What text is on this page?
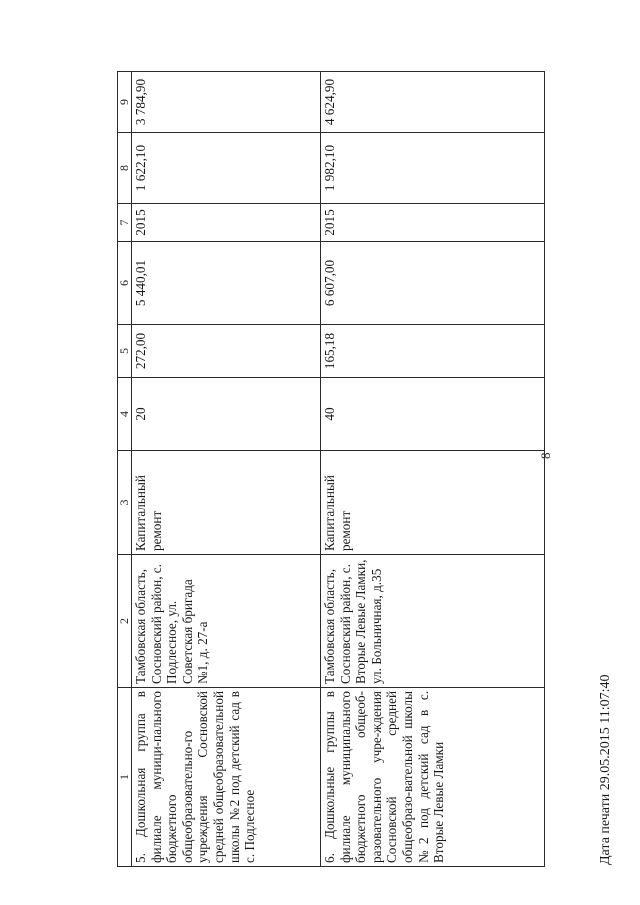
8
1	2	3	4	5	6	7	8	9
5. Дошкольная группа в филиале муници-пального бюджетного общеобразовательно-го учреждения Сосновской средней общеобразовательной школы №2 под детский сад в с. Подлесное	Тамбовская область, Сосновский район, с. Подлесное, ул. Советская бригада №1, д. 27-а	Капитальный ремонт	20	272,00	5 440,01	2015	1 622,10	3 784,90
6. Дошкольные группы в филиале муниципального бюджетного общеоб-разовательного учре-ждения Сосновской средней общеобразо-вательной школы №2 под детский сад в с. Вторые Левые Ламки	Тамбовская область, Сосновский район, с. Вторые Левые Ламки, ул. Больничная, д.35	Капитальный ремонт	40	165,18	6 607,00	2015	1 982,10	4 624,90
Дата печати 29.05.2015 11:07:40
